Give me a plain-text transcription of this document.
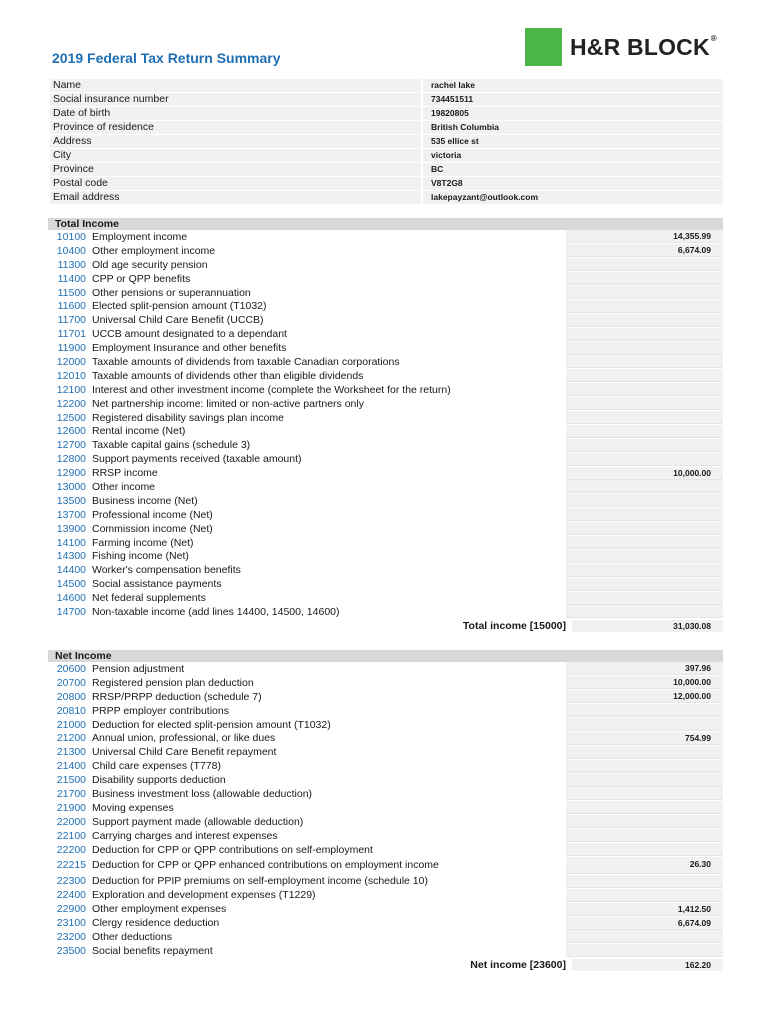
2019 Federal Tax Return Summary	H&R BLOCK®
Name	rachel lake
Social insurance number	734451511
Date of birth	19820805
Province of residence	British Columbia
Address	535 ellice st
City	victoria
Province	BC
Postal code	V8T2G8
Email address	lakepayzant@outlook.com
Total Income
10100 Employment income	14,355.99
10400 Other employment income	6,674.09
11300 Old age security pension
11400 CPP or QPP benefits
11500 Other pensions or superannuation
11600 Elected split-pension amount (T1032)
11700 Universal Child Care Benefit (UCCB)
11701 UCCB amount designated to a dependant
11900 Employment Insurance and other benefits
12000 Taxable amounts of dividends from taxable Canadian corporations
12010 Taxable amounts of dividends other than eligible dividends
12100 Interest and other investment income (complete the Worksheet for the return)
12200 Net partnership income: limited or non-active partners only
12500 Registered disability savings plan income
12600 Rental income (Net)
12700 Taxable capital gains (schedule 3)
12800 Support payments received (taxable amount)
12900 RRSP income	10,000.00
13000 Other income
13500 Business income (Net)
13700 Professional income (Net)
13900 Commission income (Net)
14100 Farming income (Net)
14300 Fishing income (Net)
14400 Worker's compensation benefits
14500 Social assistance payments
14600 Net federal supplements
14700 Non-taxable income (add lines 14400, 14500, 14600)
Total income [15000]	31,030.08
Net Income
20600 Pension adjustment	397.96
20700 Registered pension plan deduction	10,000.00
20800 RRSP/PRPP deduction (schedule 7)	12,000.00
20810 PRPP employer contributions
21000 Deduction for elected split-pension amount (T1032)
21200 Annual union, professional, or like dues	754.99
21300 Universal Child Care Benefit repayment
21400 Child care expenses (T778)
21500 Disability supports deduction
21700 Business investment loss (allowable deduction)
21900 Moving expenses
22000 Support payment made (allowable deduction)
22100 Carrying charges and interest expenses
22200 Deduction for CPP or QPP contributions on self-employment
22215 Deduction for CPP or QPP enhanced contributions on employment income	26.30
22300 Deduction for PPIP premiums on self-employment income (schedule 10)
22400 Exploration and development expenses (T1229)
22900 Other employment expenses	1,412.50
23100 Clergy residence deduction	6,674.09
23200 Other deductions
23500 Social benefits repayment
Net income [23600]	162.20
